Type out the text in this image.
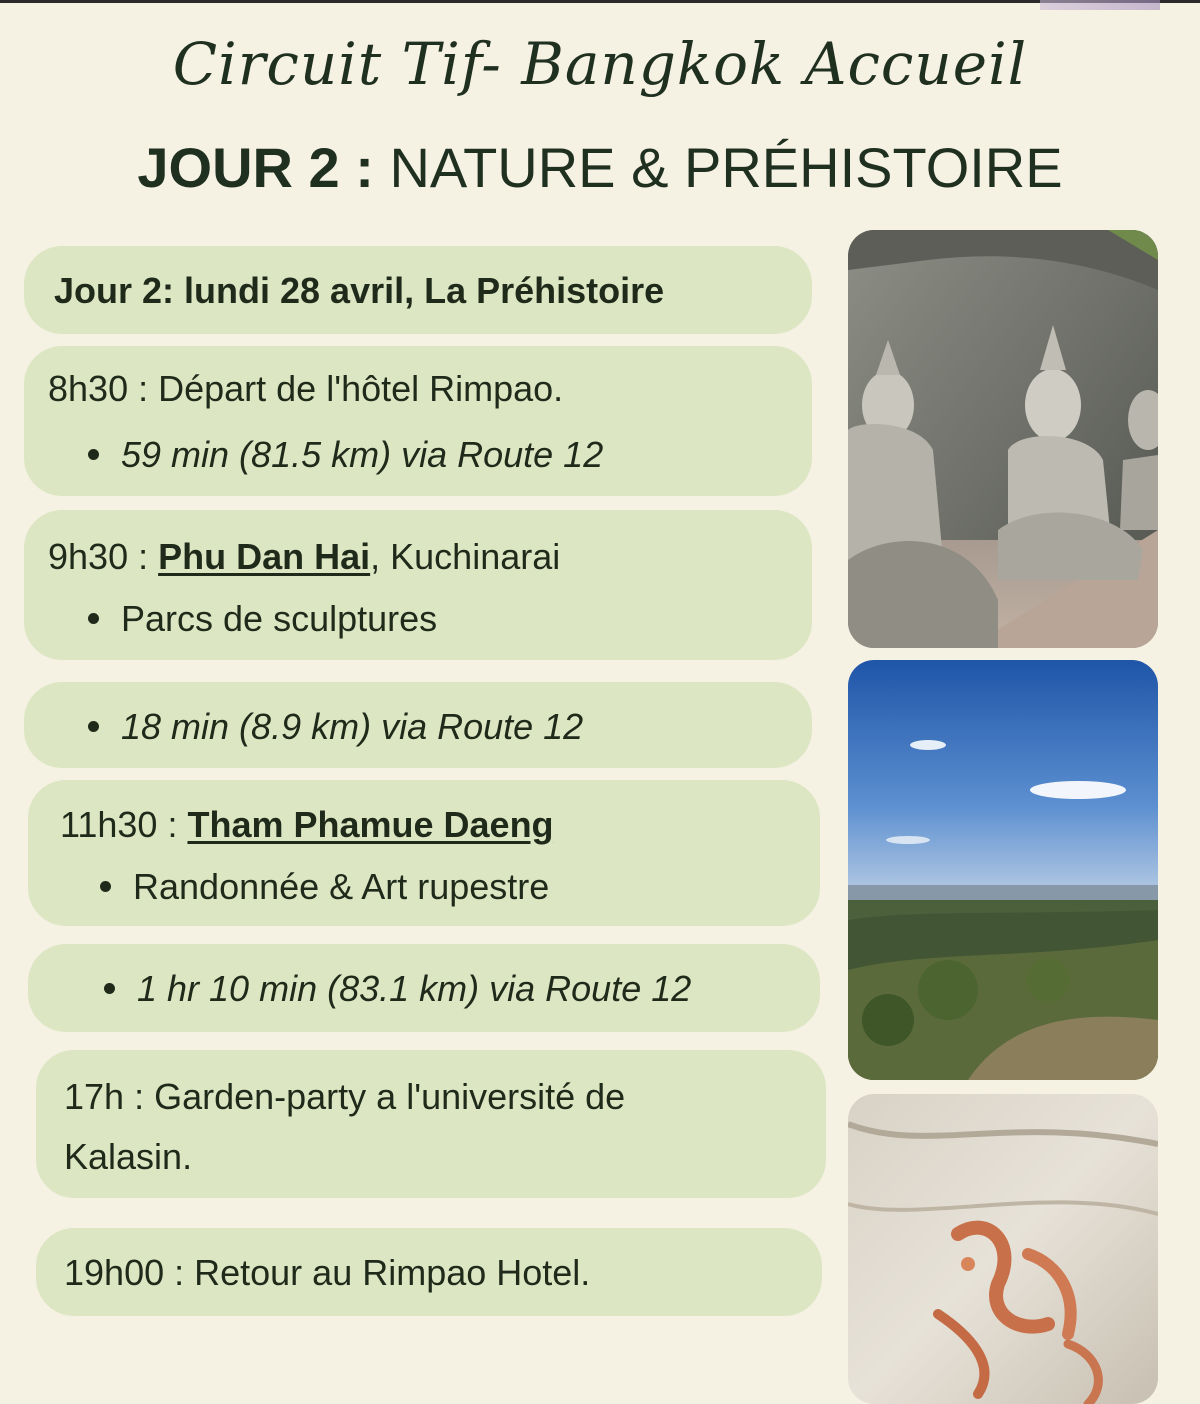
Circuit Tif- Bangkok Accueil
JOUR 2 : NATURE & PRÉHISTOIRE
Jour 2: lundi 28 avril, La Préhistoire
8h30 : Départ de l'hôtel Rimpao.
59 min (81.5 km) via Route 12
9h30 : Phu Dan Hai, Kuchinarai
Parcs de sculptures
18 min (8.9 km) via Route 12
11h30 : Tham Phamue Daeng
Randonnée & Art rupestre
1 hr 10 min (83.1 km) via Route 12
17h : Garden-party a l'université de
Kalasin.
19h00 : Retour au Rimpao Hotel.
